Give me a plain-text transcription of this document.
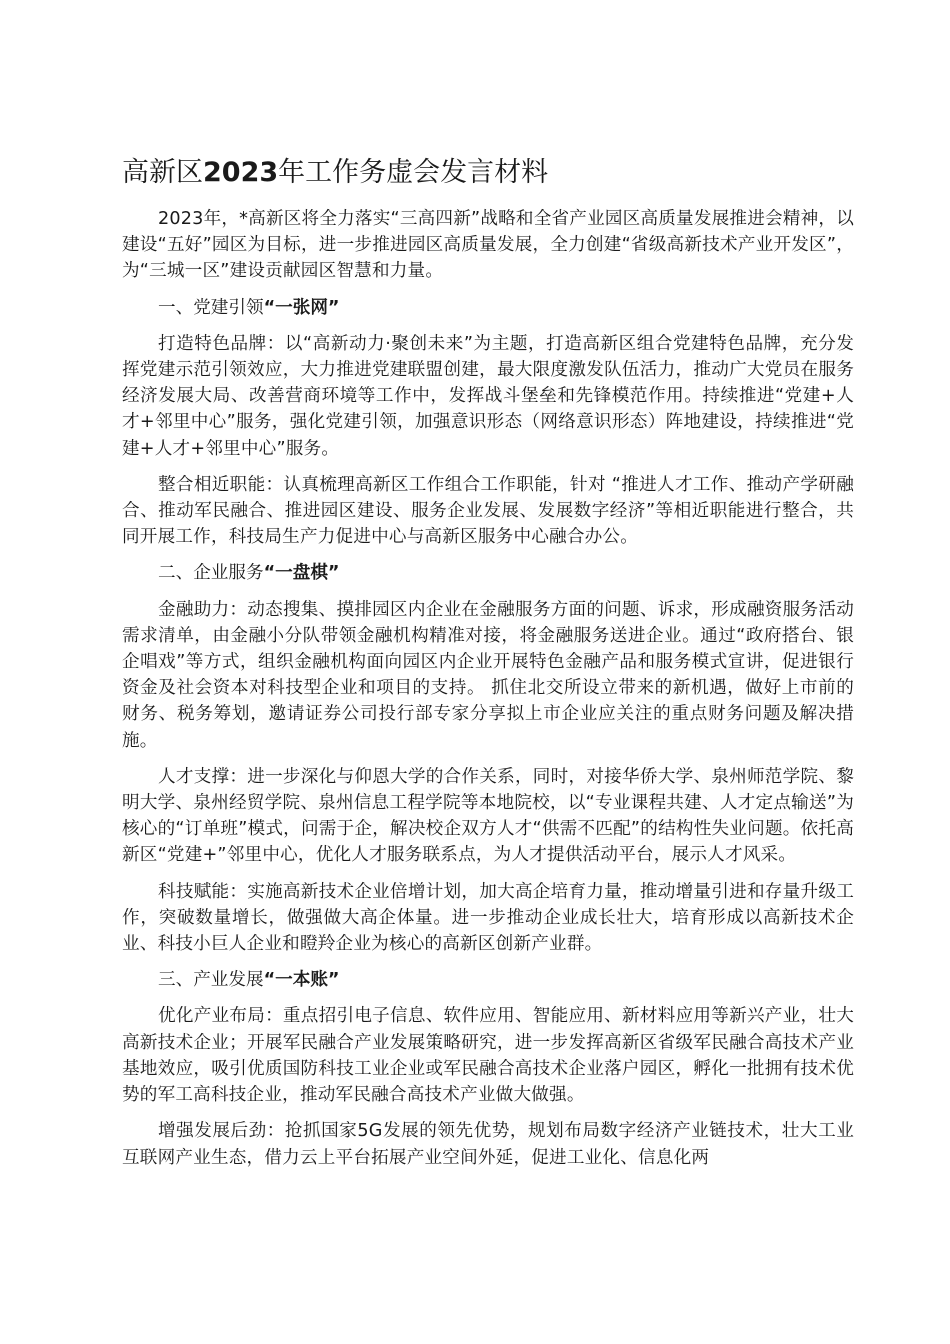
高新区2023年工作务虚会发言材料

2023年，*高新区将全力落实“三高四新”战略和全省产业园区高质量发展推进会精神，以建设“五好”园区为目标，进一步推进园区高质量发展，全力创建“省级高新技术产业开发区”，为“三城一区”建设贡献园区智慧和力量。

一、党建引领“一张网”

打造特色品牌：以“高新动力·聚创未来”为主题，打造高新区组合党建特色品牌，充分发挥党建示范引领效应，大力推进党建联盟创建，最大限度激发队伍活力，推动广大党员在服务经济发展大局、改善营商环境等工作中，发挥战斗堡垒和先锋模范作用。持续推进“党建+人才+邻里中心”服务，强化党建引领，加强意识形态（网络意识形态）阵地建设，持续推进“党建+人才+邻里中心”服务。

整合相近职能：认真梳理高新区工作组合工作职能，针对 “推进人才工作、推动产学研融合、推动军民融合、推进园区建设、服务企业发展、发展数字经济”等相近职能进行整合，共同开展工作，科技局生产力促进中心与高新区服务中心融合办公。

二、企业服务“一盘棋”

金融助力：动态搜集、摸排园区内企业在金融服务方面的问题、诉求，形成融资服务活动需求清单，由金融小分队带领金融机构精准对接，将金融服务送进企业。通过“政府搭台、银企唱戏”等方式，组织金融机构面向园区内企业开展特色金融产品和服务模式宣讲，促进银行资金及社会资本对科技型企业和项目的支持。 抓住北交所设立带来的新机遇，做好上市前的财务、税务筹划，邀请证券公司投行部专家分享拟上市企业应关注的重点财务问题及解决措施。

人才支撑：进一步深化与仰恩大学的合作关系，同时，对接华侨大学、泉州师范学院、黎明大学、泉州经贸学院、泉州信息工程学院等本地院校，以“专业课程共建、人才定点输送”为核心的“订单班”模式，问需于企，解决校企双方人才“供需不匹配”的结构性失业问题。依托高新区“党建+”邻里中心，优化人才服务联系点，为人才提供活动平台，展示人才风采。

科技赋能：实施高新技术企业倍增计划，加大高企培育力量，推动增量引进和存量升级工作，突破数量增长，做强做大高企体量。进一步推动企业成长壮大，培育形成以高新技术企业、科技小巨人企业和瞪羚企业为核心的高新区创新产业群。

三、产业发展“一本账”

优化产业布局：重点招引电子信息、软件应用、智能应用、新材料应用等新兴产业，壮大高新技术企业；开展军民融合产业发展策略研究，进一步发挥高新区省级军民融合高技术产业基地效应，吸引优质国防科技工业企业或军民融合高技术企业落户园区，孵化一批拥有技术优势的军工高科技企业，推动军民融合高技术产业做大做强。

增强发展后劲：抢抓国家5G发展的领先优势，规划布局数字经济产业链技术，壮大工业互联网产业生态，借力云上平台拓展产业空间外延，促进工业化、信息化两
